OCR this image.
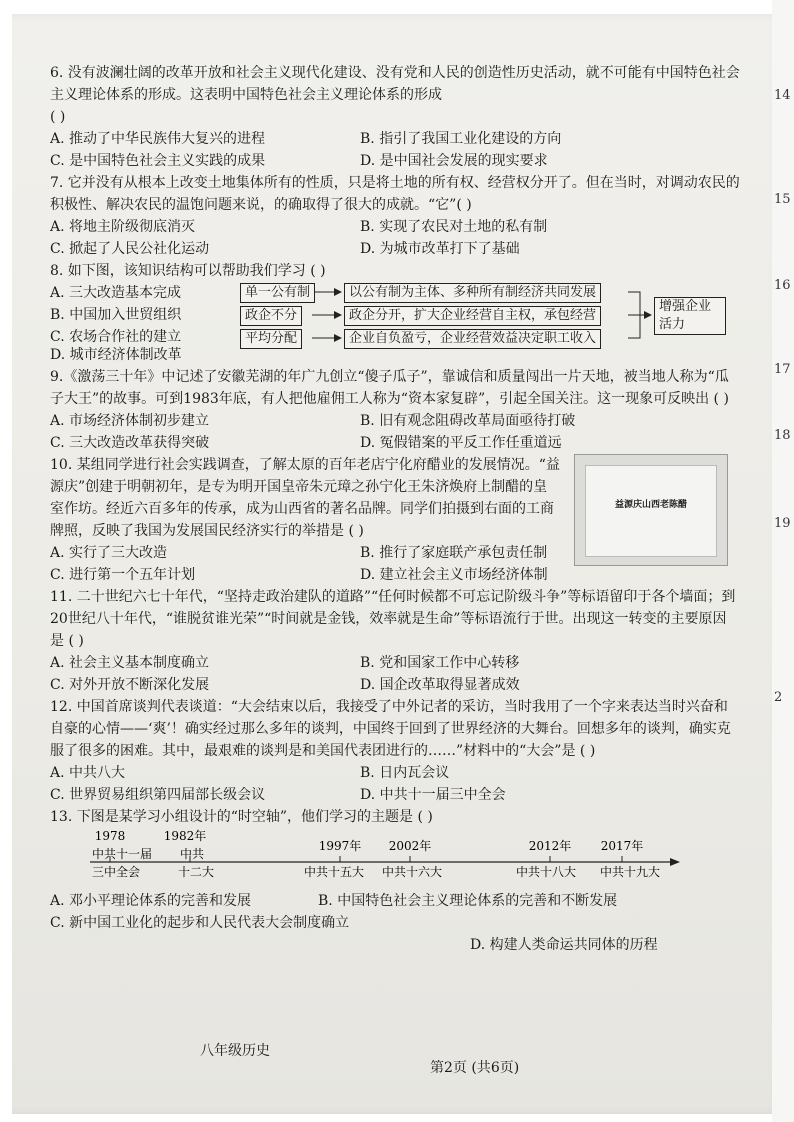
14
15
16
17
18
19
2

6. 没有波澜壮阔的改革开放和社会主义现代化建设、没有党和人民的创造性历史活动，就不可能有中国特色社会主义理论体系的形成。这表明中国特色社会主义理论体系的形成

( )

A. 推动了中华民族伟大复兴的进程	B. 指引了我国工业化建设的方向
C. 是中国特色社会主义实践的成果	D. 是中国社会发展的现实要求

7. 它并没有从根本上改变土地集体所有的性质，只是将土地的所有权、经营权分开了。但在当时，对调动农民的积极性、解决农民的温饱问题来说，的确取得了很大的成就。“它”( )

A. 将地主阶级彻底消灭	B. 实现了农民对土地的私有制
C. 掀起了人民公社化运动	D. 为城市改革打下了基础

8. 如下图，该知识结构可以帮助我们学习 ( )

A. 三大改造基本完成
B. 中国加入世贸组织
C. 农场合作社的建立
单一公有制
政企不分
平均分配
以公有制为主体、多种所有制经济共同发展
政企分开，扩大企业经营自主权，承包经营
企业自负盈亏，企业经营效益决定职工收入
增强企业活力
D. 城市经济体制改革

9.《激荡三十年》中记述了安徽芜湖的年广九创立“傻子瓜子”，靠诚信和质量闯出一片天地，被当地人称为“瓜子大王”的故事。可到1983年底，有人把他雇佣工人称为“资本家复辟”，引起全国关注。这一现象可反映出 ( )

A. 市场经济体制初步建立	B. 旧有观念阻碍改革局面亟待打破
C. 三大改造改革获得突破	D. 冤假错案的平反工作任重道远
益源庆山西老陈醋

10. 某组同学进行社会实践调查，了解太原的百年老店宁化府醋业的发展情况。“益源庆”创建于明朝初年，是专为明开国皇帝朱元璋之孙宁化王朱济焕府上制醋的皇室作坊。经近六百多年的传承，成为山西省的著名品牌。同学们拍摄到右面的工商牌照，反映了我国为发展国民经济实行的举措是 ( )

A. 实行了三大改造	B. 推行了家庭联产承包责任制
C. 进行第一个五年计划	D. 建立社会主义市场经济体制

11. 二十世纪六七十年代，“坚持走政治建队的道路”“任何时候都不可忘记阶级斗争”等标语留印于各个墙面；到20世纪八十年代，“谁脱贫谁光荣”“时间就是金钱，效率就是生命”等标语流行于世。出现这一转变的主要原因是 ( )

A. 社会主义基本制度确立	B. 党和国家工作中心转移
C. 对外开放不断深化发展	D. 国企改革取得显著成效

12. 中国首席谈判代表谈道：“大会结束以后，我接受了中外记者的采访，当时我用了一个字来表达当时兴奋和自豪的心情——‘爽’！确实经过那么多年的谈判，中国终于回到了世界经济的大舞台。回想多年的谈判，确实克服了很多的困难。其中，最艰难的谈判是和美国代表团进行的……”材料中的“大会”是 ( )

A. 中共八大	B. 日内瓦会议
C. 世界贸易组织第四届部长级会议	D. 中共十一届三中全会

13. 下图是某学习小组设计的“时空轴”，他们学习的主题是 ( )

1978	1982年
1997年 2002年	2012年 2017年
中共十一届
三中全会
中共
十二大	中共十五大 中共十六大	中共十八大 中共十九大
A. 邓小平理论体系的完善和发展	B. 中国特色社会主义理论体系的完善和不断发展
C. 新中国工业化的起步和人民代表大会制度确立
D. 构建人类命运共同体的历程
八年级历史
第2页 (共6页)
